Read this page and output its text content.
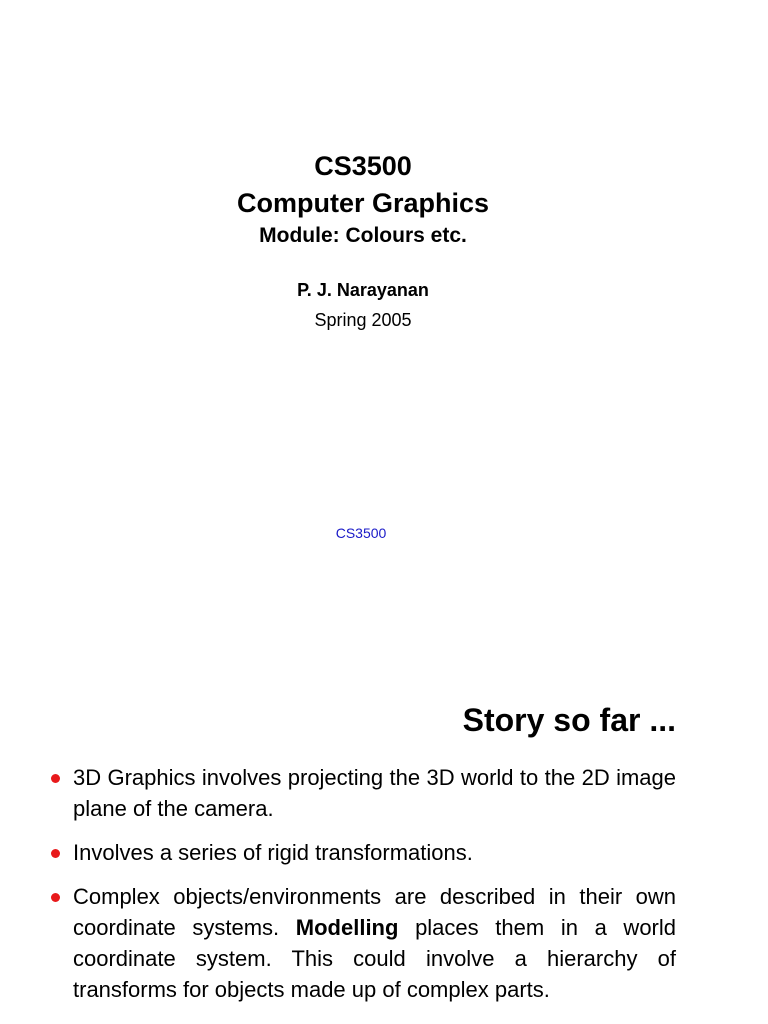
CS3500
Computer Graphics
Module: Colours etc.
P. J. Narayanan
Spring 2005
CS3500
Story so far ...
3D Graphics involves projecting the 3D world to the 2D image plane of the camera.
Involves a series of rigid transformations.
Complex objects/environments are described in their own coordinate systems. Modelling places them in a world coordinate system. This could involve a hierarchy of transforms for objects made up of complex parts.
